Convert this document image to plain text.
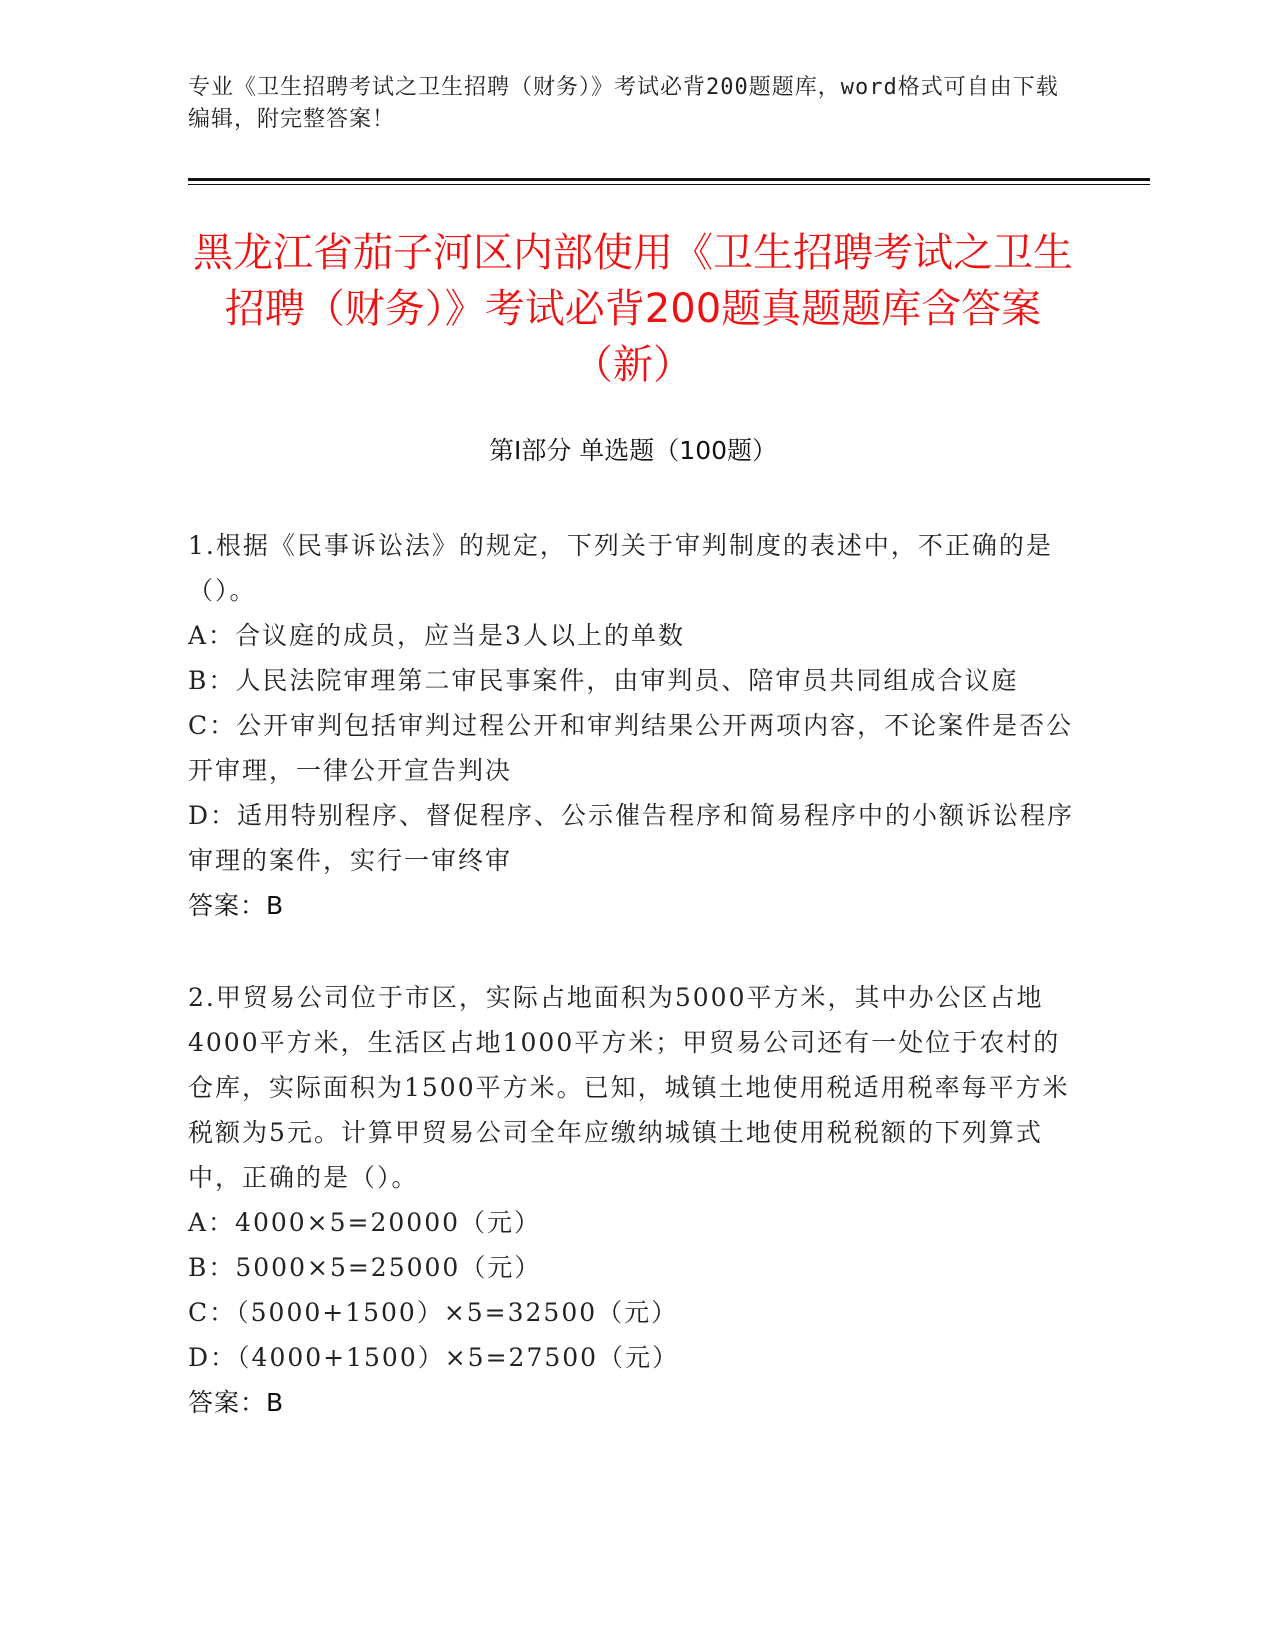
专业《卫生招聘考试之卫生招聘（财务）》考试必背200题题库，word格式可自由下载编辑，附完整答案！
黑龙江省茄子河区内部使用《卫生招聘考试之卫生招聘（财务）》考试必背200题真题题库含答案（新）
第I部分 单选题（100题）

1.根据《民事诉讼法》的规定，下列关于审判制度的表述中，不正确的是（）。

A：合议庭的成员，应当是3人以上的单数

B：人民法院审理第二审民事案件，由审判员、陪审员共同组成合议庭

C：公开审判包括审判过程公开和审判结果公开两项内容，不论案件是否公开审理，一律公开宣告判决

D：适用特别程序、督促程序、公示催告程序和简易程序中的小额诉讼程序审理的案件，实行一审终审

答案：B

2.甲贸易公司位于市区，实际占地面积为5000平方米，其中办公区占地4000平方米，生活区占地1000平方米；甲贸易公司还有一处位于农村的仓库，实际面积为1500平方米。已知，城镇土地使用税适用税率每平方米税额为5元。计算甲贸易公司全年应缴纳城镇土地使用税税额的下列算式中，正确的是（）。

A：4000×5=20000（元）

B：5000×5=25000（元）

C：（5000+1500）×5=32500（元）

D：（4000+1500）×5=27500（元）

答案：B
